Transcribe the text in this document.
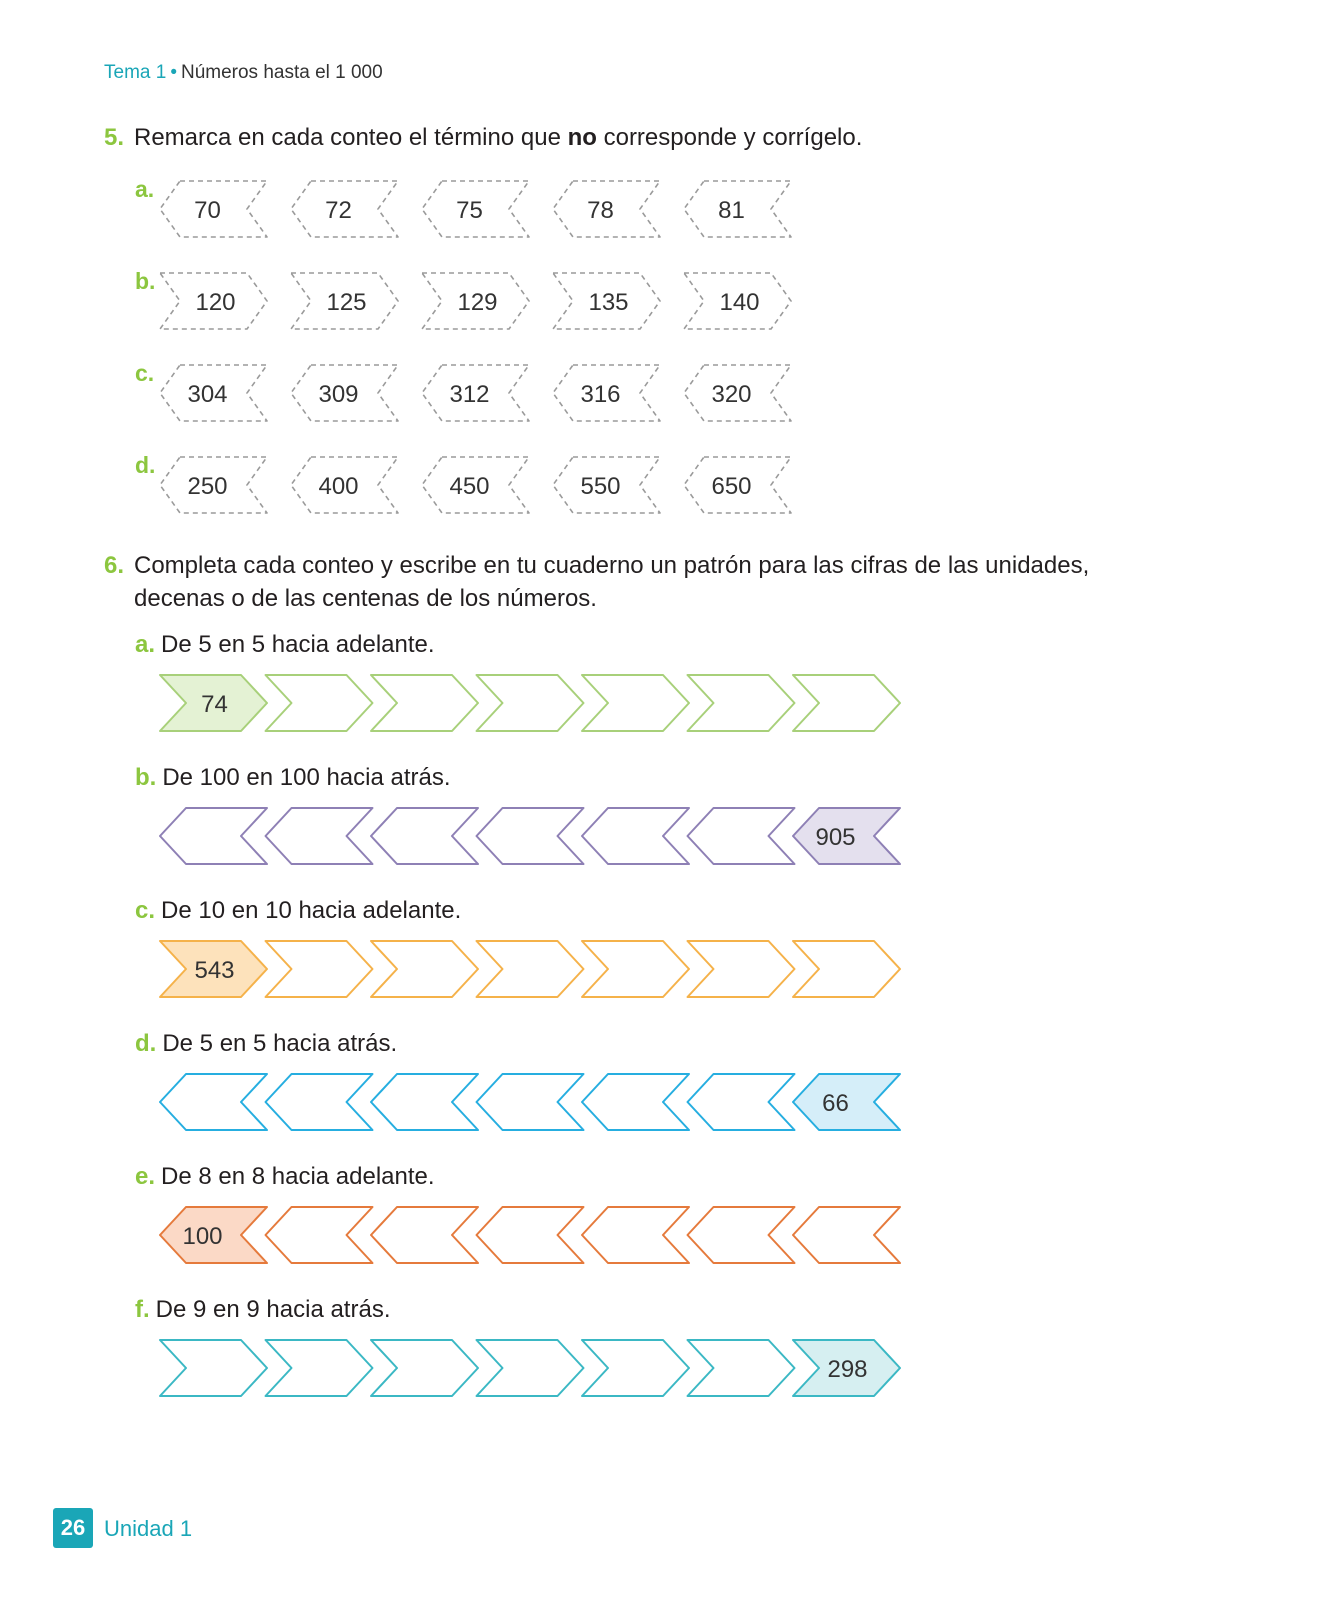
Tema 1 • Números hasta el 1 000
5. Remarca en cada conteo el término que no corresponde y corrígelo.
a.
70	72	75	78	81
b.
120	125	129	135	140
c.
304	309	312	316	320
d.
250	400	450	550	650
6. Completa cada conteo y escribe en tu cuaderno un patrón para las cifras de las unidades, decenas o de las centenas de los números.
a. De 5 en 5 hacia adelante.
74
b. De 100 en 100 hacia atrás.
905
c. De 10 en 10 hacia adelante.
543
d. De 5 en 5 hacia atrás.
66
e. De 8 en 8 hacia adelante.
100
f. De 9 en 9 hacia atrás.
298
26 Unidad 1
